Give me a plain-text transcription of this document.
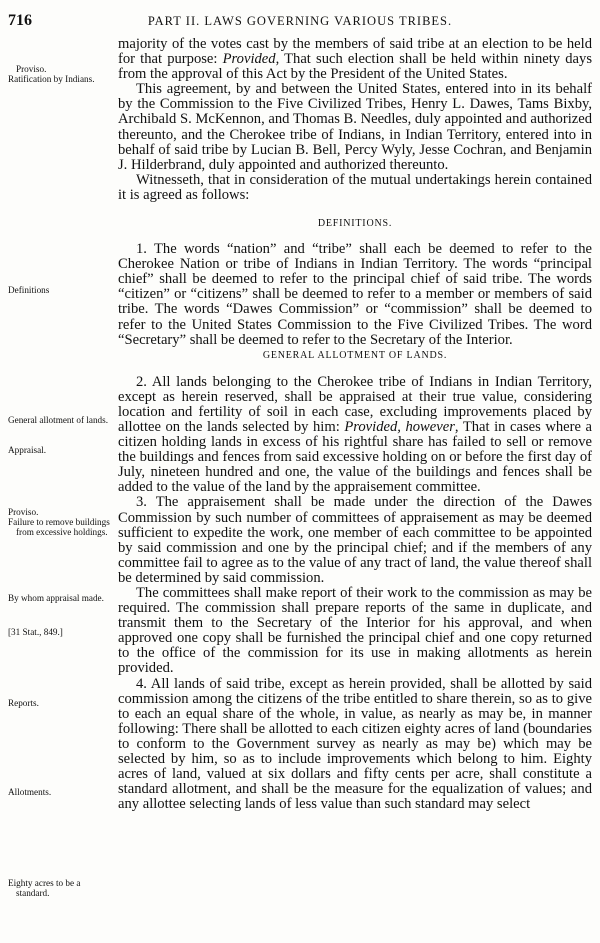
716	PART II. LAWS GOVERNING VARIOUS TRIBES.
Proviso.
Ratification by Indians.
Definitions
General allotment of lands.
Appraisal.
Proviso.
Failure to remove buildings from excessive holdings.
By whom appraisal made.
[31 Stat., 849.]
Reports.
Allotments.
Eighty acres to be a standard.

majority of the votes cast by the members of said tribe at an election to be held for that purpose: Provided, That such election shall be held within ninety days from the approval of this Act by the President of the United States.

This agreement, by and between the United States, entered into in its behalf by the Commission to the Five Civilized Tribes, Henry L. Dawes, Tams Bixby, Archibald S. McKennon, and Thomas B. Needles, duly appointed and authorized thereunto, and the Cherokee tribe of Indians, in Indian Territory, entered into in behalf of said tribe by Lucian B. Bell, Percy Wyly, Jesse Cochran, and Benjamin J. Hilderbrand, duly appointed and authorized thereunto.

Witnesseth, that in consideration of the mutual undertakings herein contained it is agreed as follows:

DEFINITIONS.

1. The words “nation” and “tribe” shall each be deemed to refer to the Cherokee Nation or tribe of Indians in Indian Territory. The words “principal chief” shall be deemed to refer to the principal chief of said tribe. The words “citizen” or “citizens” shall be deemed to refer to a member or members of said tribe. The words “Dawes Commission” or “commission” shall be deemed to refer to the United States Commission to the Five Civilized Tribes. The word “Secretary” shall be deemed to refer to the Secretary of the Interior.

GENERAL ALLOTMENT OF LANDS.

2. All lands belonging to the Cherokee tribe of Indians in Indian Territory, except as herein reserved, shall be appraised at their true value, considering location and fertility of soil in each case, excluding improvements placed by allottee on the lands selected by him: Provided, however, That in cases where a citizen holding lands in excess of his rightful share has failed to sell or remove the buildings and fences from said excessive holding on or before the first day of July, nineteen hundred and one, the value of the buildings and fences shall be added to the value of the land by the appraisement committee.

3. The appraisement shall be made under the direction of the Dawes Commission by such number of committees of appraisement as may be deemed sufficient to expedite the work, one member of each committee to be appointed by said commission and one by the principal chief; and if the members of any committee fail to agree as to the value of any tract of land, the value thereof shall be determined by said commission.

The committees shall make report of their work to the commission as may be required. The commission shall prepare reports of the same in duplicate, and transmit them to the Secretary of the Interior for his approval, and when approved one copy shall be furnished the principal chief and one copy returned to the office of the commission for its use in making allotments as herein provided.

4. All lands of said tribe, except as herein provided, shall be allotted by said commission among the citizens of the tribe entitled to share therein, so as to give to each an equal share of the whole, in value, as nearly as may be, in manner following: There shall be allotted to each citizen eighty acres of land (boundaries to conform to the Government survey as nearly as may be) which may be selected by him, so as to include improvements which belong to him. Eighty acres of land, valued at six dollars and fifty cents per acre, shall constitute a standard allotment, and shall be the measure for the equalization of values; and any allottee selecting lands of less value than such standard may select
